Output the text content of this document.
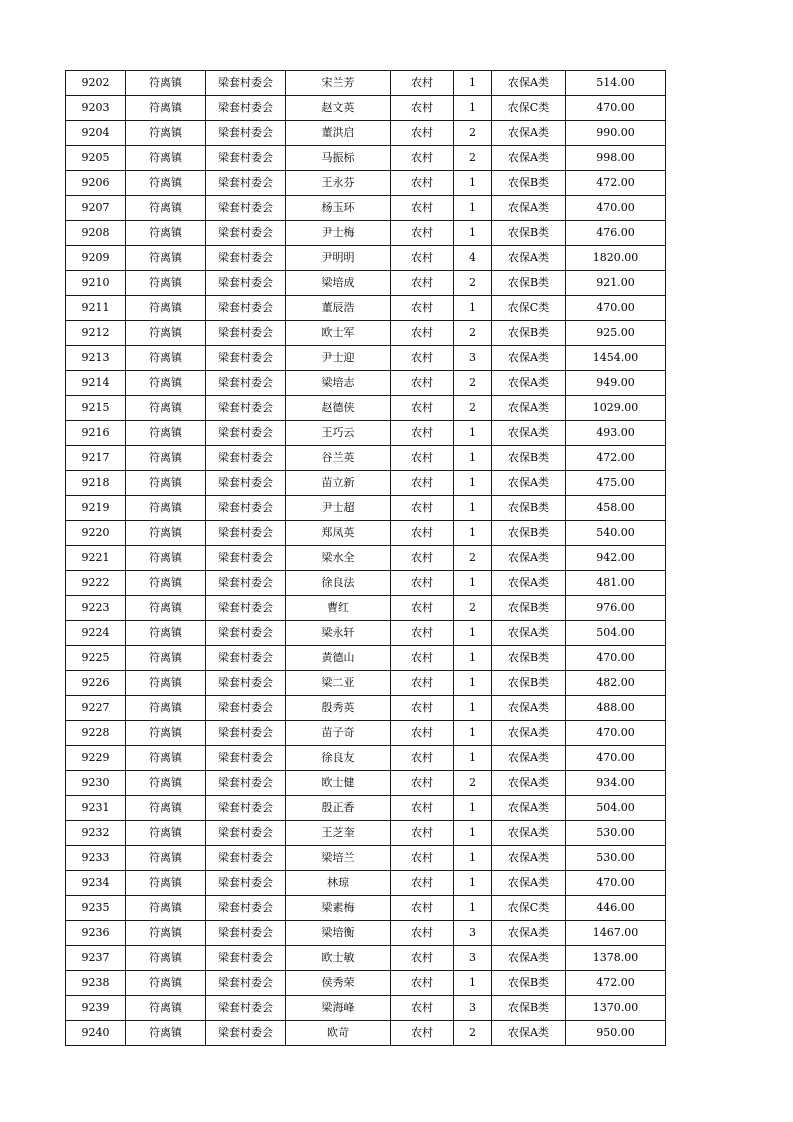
9202	符离镇	梁套村委会	宋兰芳	农村	1	农保A类	514.00
9203	符离镇	梁套村委会	赵文英	农村	1	农保C类	470.00
9204	符离镇	梁套村委会	董洪启	农村	2	农保A类	990.00
9205	符离镇	梁套村委会	马振标	农村	2	农保A类	998.00
9206	符离镇	梁套村委会	王永芬	农村	1	农保B类	472.00
9207	符离镇	梁套村委会	杨玉环	农村	1	农保A类	470.00
9208	符离镇	梁套村委会	尹士梅	农村	1	农保B类	476.00
9209	符离镇	梁套村委会	尹明明	农村	4	农保A类	1820.00
9210	符离镇	梁套村委会	梁培成	农村	2	农保B类	921.00
9211	符离镇	梁套村委会	董辰浩	农村	1	农保C类	470.00
9212	符离镇	梁套村委会	欧士军	农村	2	农保B类	925.00
9213	符离镇	梁套村委会	尹士迎	农村	3	农保A类	1454.00
9214	符离镇	梁套村委会	梁培志	农村	2	农保A类	949.00
9215	符离镇	梁套村委会	赵德侠	农村	2	农保A类	1029.00
9216	符离镇	梁套村委会	王巧云	农村	1	农保A类	493.00
9217	符离镇	梁套村委会	谷兰英	农村	1	农保B类	472.00
9218	符离镇	梁套村委会	苗立新	农村	1	农保A类	475.00
9219	符离镇	梁套村委会	尹士超	农村	1	农保B类	458.00
9220	符离镇	梁套村委会	郑凤英	农村	1	农保B类	540.00
9221	符离镇	梁套村委会	梁水全	农村	2	农保A类	942.00
9222	符离镇	梁套村委会	徐良法	农村	1	农保A类	481.00
9223	符离镇	梁套村委会	曹红	农村	2	农保B类	976.00
9224	符离镇	梁套村委会	梁永轩	农村	1	农保A类	504.00
9225	符离镇	梁套村委会	黄德山	农村	1	农保B类	470.00
9226	符离镇	梁套村委会	梁二亚	农村	1	农保B类	482.00
9227	符离镇	梁套村委会	殷秀英	农村	1	农保A类	488.00
9228	符离镇	梁套村委会	苗子奇	农村	1	农保A类	470.00
9229	符离镇	梁套村委会	徐良友	农村	1	农保A类	470.00
9230	符离镇	梁套村委会	欧士健	农村	2	农保A类	934.00
9231	符离镇	梁套村委会	殷正香	农村	1	农保A类	504.00
9232	符离镇	梁套村委会	王芝奎	农村	1	农保A类	530.00
9233	符离镇	梁套村委会	梁培兰	农村	1	农保A类	530.00
9234	符离镇	梁套村委会	林琼	农村	1	农保A类	470.00
9235	符离镇	梁套村委会	梁素梅	农村	1	农保C类	446.00
9236	符离镇	梁套村委会	梁培衡	农村	3	农保A类	1467.00
9237	符离镇	梁套村委会	欧士敏	农村	3	农保A类	1378.00
9238	符离镇	梁套村委会	侯秀荣	农村	1	农保B类	472.00
9239	符离镇	梁套村委会	梁海峰	农村	3	农保B类	1370.00
9240	符离镇	梁套村委会	欧苛	农村	2	农保A类	950.00
